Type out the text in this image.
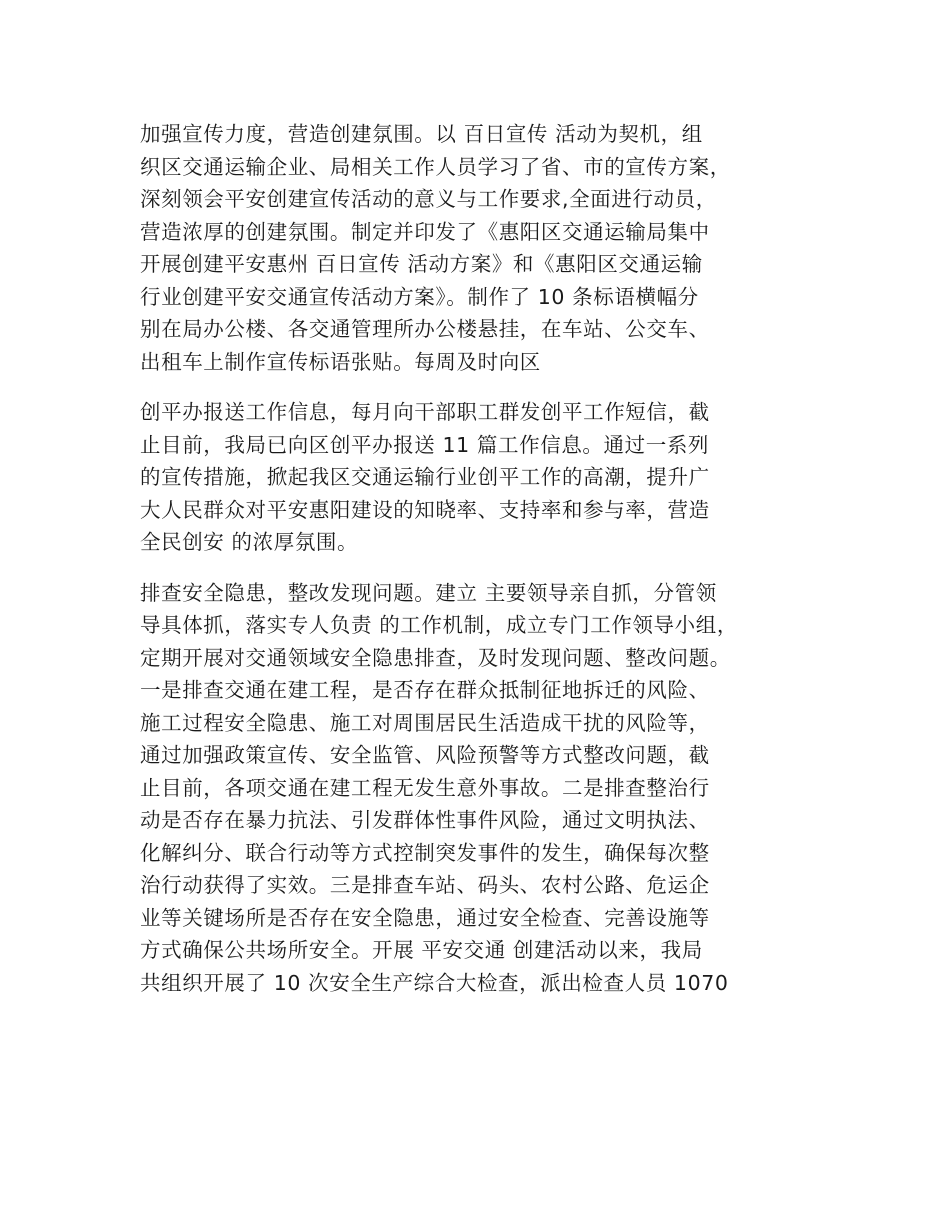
加强宣传力度，营造创建氛围。以 百日宣传 活动为契机，组
织区交通运输企业、局相关工作人员学习了省、市的宣传方案，
深刻领会平安创建宣传活动的意义与工作要求,全面进行动员，
营造浓厚的创建氛围。制定并印发了《惠阳区交通运输局集中
开展创建平安惠州 百日宣传 活动方案》和《惠阳区交通运输
行业创建平安交通宣传活动方案》。制作了 10 条标语横幅分
别在局办公楼、各交通管理所办公楼悬挂，在车站、公交车、
出租车上制作宣传标语张贴。每周及时向区
创平办报送工作信息，每月向干部职工群发创平工作短信，截
止目前，我局已向区创平办报送 11 篇工作信息。通过一系列
的宣传措施，掀起我区交通运输行业创平工作的高潮，提升广
大人民群众对平安惠阳建设的知晓率、支持率和参与率，营造
全民创安 的浓厚氛围。
排查安全隐患，整改发现问题。建立 主要领导亲自抓，分管领
导具体抓，落实专人负责 的工作机制，成立专门工作领导小组，
定期开展对交通领域安全隐患排查，及时发现问题、整改问题。
一是排查交通在建工程，是否存在群众抵制征地拆迁的风险、
施工过程安全隐患、施工对周围居民生活造成干扰的风险等，
通过加强政策宣传、安全监管、风险预警等方式整改问题，截
止目前，各项交通在建工程无发生意外事故。二是排查整治行
动是否存在暴力抗法、引发群体性事件风险，通过文明执法、
化解纠分、联合行动等方式控制突发事件的发生，确保每次整
治行动获得了实效。三是排查车站、码头、农村公路、危运企
业等关键场所是否存在安全隐患，通过安全检查、完善设施等
方式确保公共场所安全。开展 平安交通 创建活动以来，我局
共组织开展了 10 次安全生产综合大检查，派出检查人员 1070
